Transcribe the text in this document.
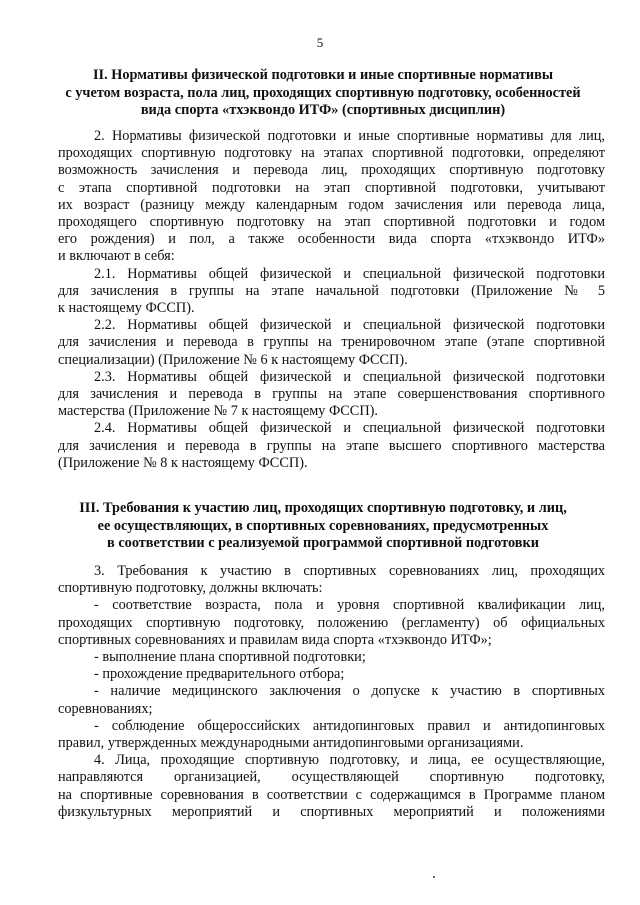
5
II. Нормативы физической подготовки и иные спортивные нормативы
с учетом возраста, пола лиц, проходящих спортивную подготовку, особенностей
вида спорта «тхэквондо ИТФ» (спортивных дисциплин)
2. Нормативы физической подготовки и иные спортивные нормативы для лиц,
проходящих спортивную подготовку на этапах спортивной подготовки, определяют
возможность зачисления и перевода лиц, проходящих спортивную подготовку
с этапа спортивной подготовки на этап спортивной подготовки, учитывают
их возраст (разницу между календарным годом зачисления или перевода лица,
проходящего спортивную подготовку на этап спортивной подготовки и годом
его рождения) и пол, а также особенности вида спорта «тхэквондо ИТФ»
и включают в себя:
2.1. Нормативы общей физической и специальной физической подготовки
для зачисления в группы на этапе начальной подготовки (Приложение № 5
к настоящему ФССП).
2.2. Нормативы общей физической и специальной физической подготовки
для зачисления и перевода в группы на тренировочном этапе (этапе спортивной
специализации) (Приложение № 6 к настоящему ФССП).
2.3. Нормативы общей физической и специальной физической подготовки
для зачисления и перевода в группы на этапе совершенствования спортивного
мастерства (Приложение № 7 к настоящему ФССП).
2.4. Нормативы общей физической и специальной физической подготовки
для зачисления и перевода в группы на этапе высшего спортивного мастерства
(Приложение № 8 к настоящему ФССП).
III. Требования к участию лиц, проходящих спортивную подготовку, и лиц,
ее осуществляющих, в спортивных соревнованиях, предусмотренных
в соответствии с реализуемой программой спортивной подготовки
3. Требования к участию в спортивных соревнованиях лиц, проходящих
спортивную подготовку, должны включать:
- соответствие возраста, пола и уровня спортивной квалификации лиц,
проходящих спортивную подготовку, положению (регламенту) об официальных
спортивных соревнованиях и правилам вида спорта «тхэквондо ИТФ»;
- выполнение плана спортивной подготовки;
- прохождение предварительного отбора;
- наличие медицинского заключения о допуске к участию в спортивных
соревнованиях;
- соблюдение общероссийских антидопинговых правил и антидопинговых
правил, утвержденных международными антидопинговыми организациями.
4. Лица, проходящие спортивную подготовку, и лица, ее осуществляющие,
направляются организацией, осуществляющей спортивную подготовку,
на спортивные соревнования в соответствии с содержащимся в Программе планом
физкультурных мероприятий и спортивных мероприятий и положениями
